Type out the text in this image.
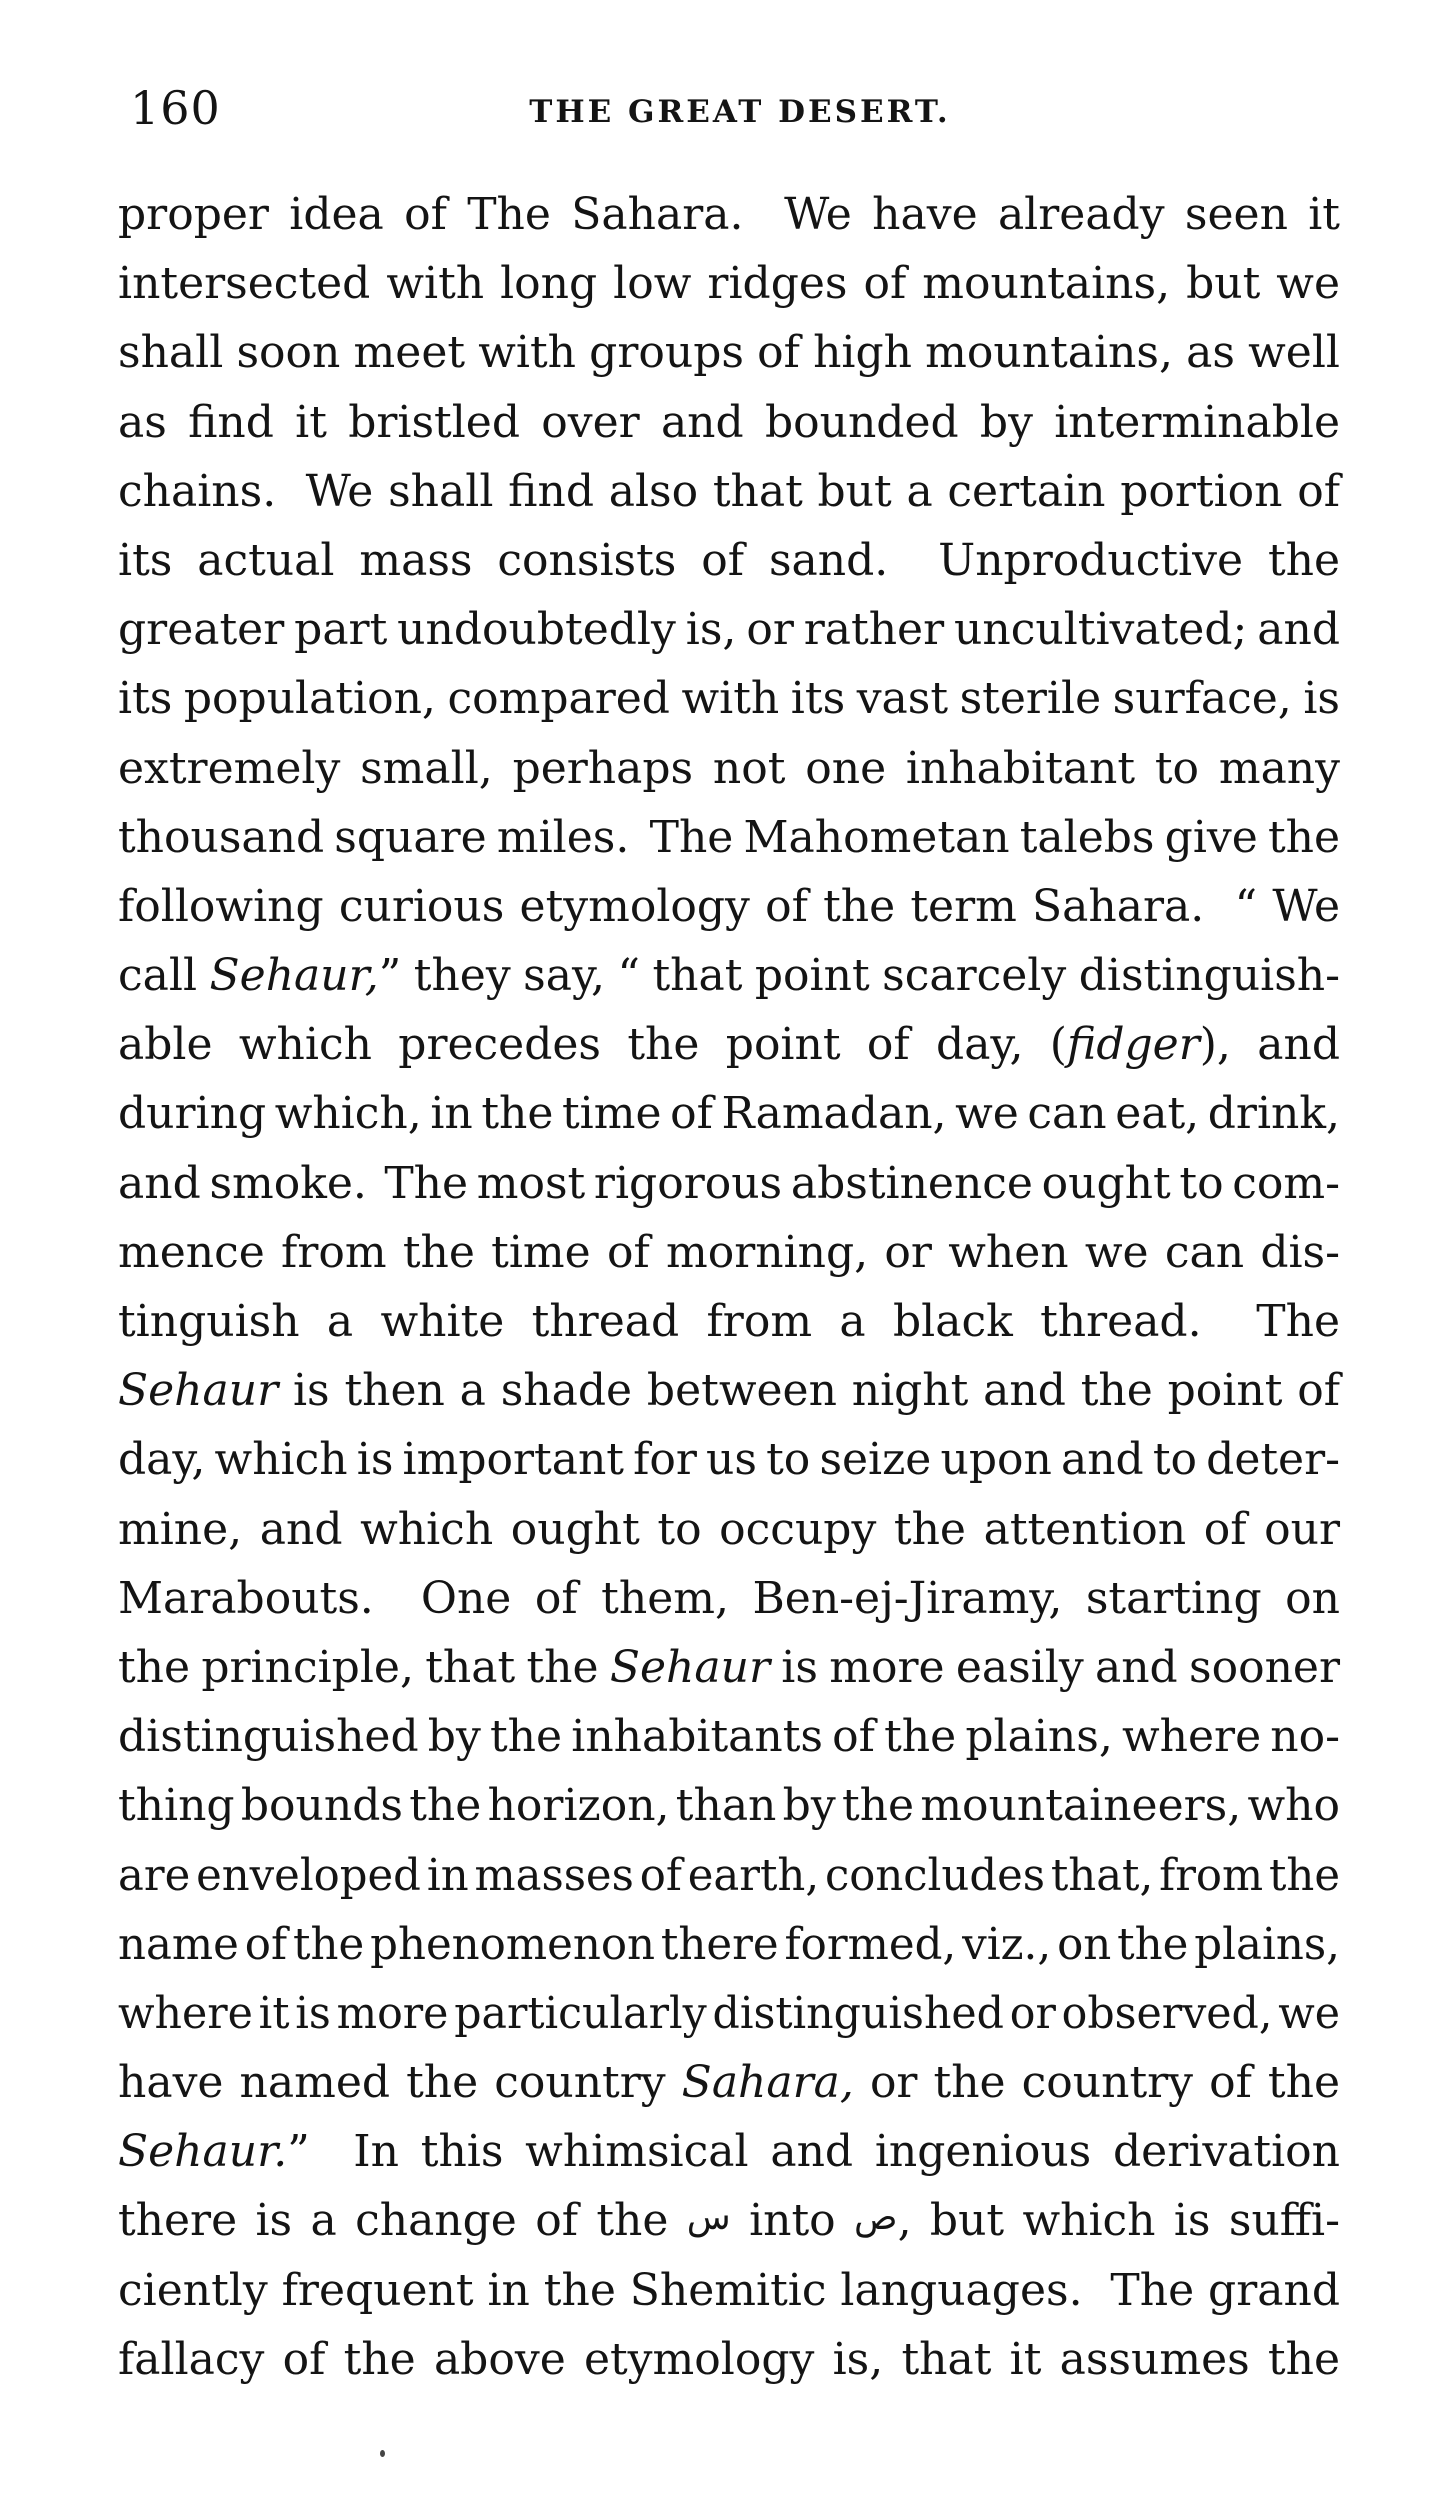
160	THE GREAT DESERT.
proper idea of The Sahara.  We have already seen it
intersected with long low ridges of mountains, but we
shall soon meet with groups of high mountains, as well
as find it bristled over and bounded by interminable
chains.  We shall find also that but a certain portion of
its actual mass consists of sand.  Unproductive the
greater part undoubtedly is, or rather uncultivated; and
its population, compared with its vast sterile surface, is
extremely small, perhaps not one inhabitant to many
thousand square miles.  The Mahometan talebs give the
following curious etymology of the term Sahara.  “ We
call Sehaur,” they say, “ that point scarcely distinguish-
able which precedes the point of day, (fidger), and
during which, in the time of Ramadan, we can eat, drink,
and smoke.  The most rigorous abstinence ought to com-
mence from the time of morning, or when we can dis-
tinguish a white thread from a black thread.  The
Sehaur is then a shade between night and the point of
day, which is important for us to seize upon and to deter-
mine, and which ought to occupy the attention of our
Marabouts.  One of them, Ben-ej-Jiramy, starting on
the principle, that the Sehaur is more easily and sooner
distinguished by the inhabitants of the plains, where no-
thing bounds the horizon, than by the mountaineers, who
are enveloped in masses of earth, concludes that, from the
name of the phenomenon there formed, viz., on the plains,
where it is more particularly distinguished or observed, we
have named the country Sahara, or the country of the
Sehaur.”  In this whimsical and ingenious derivation
there is a change of the س into ص, but which is suffi-
ciently frequent in the Shemitic languages.  The grand
fallacy of the above etymology is, that it assumes the
